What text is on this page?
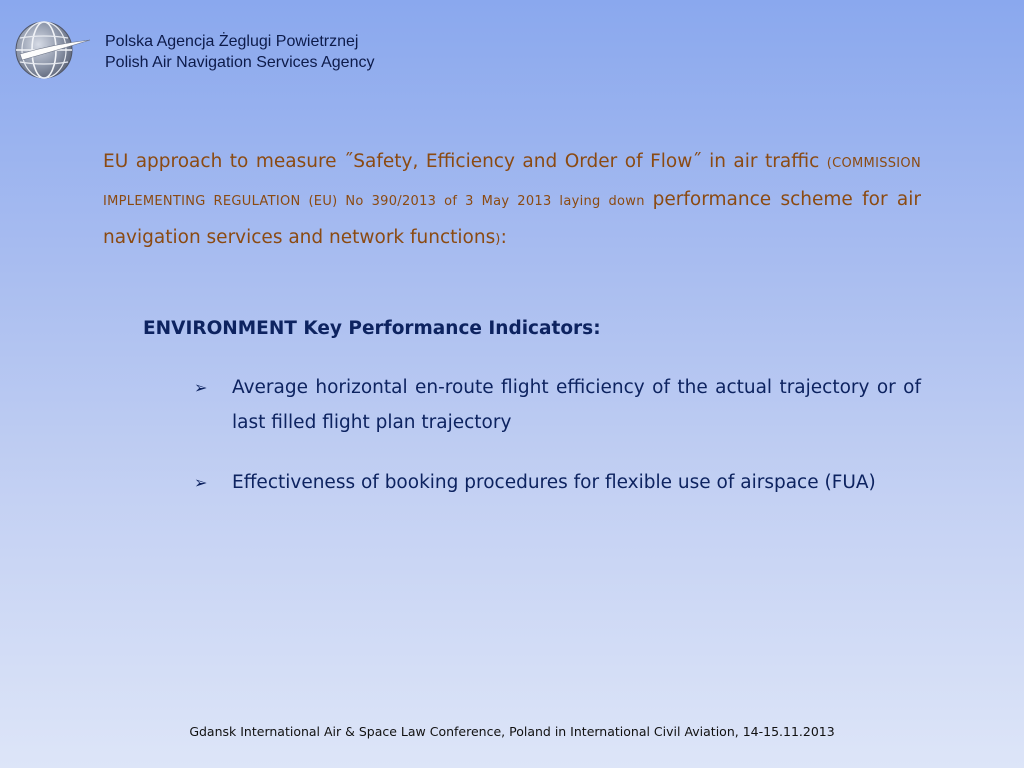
Polska Agencja Żeglugi Powietrznej
Polish Air Navigation Services Agency
EU approach to measure ˝Safety, Efficiency and Order of Flow˝ in air traffic (COMMISSION IMPLEMENTING REGULATION (EU) No 390/2013 of 3 May 2013 laying down performance scheme for air navigation services and network functions):
ENVIRONMENT Key Performance Indicators:
➢ Average horizontal en-route flight efficiency of the actual trajectory or of last filled flight plan trajectory
➢ Effectiveness of booking procedures for flexible use of airspace (FUA)
Gdansk International Air & Space Law Conference, Poland in International Civil Aviation, 14-15.11.2013
